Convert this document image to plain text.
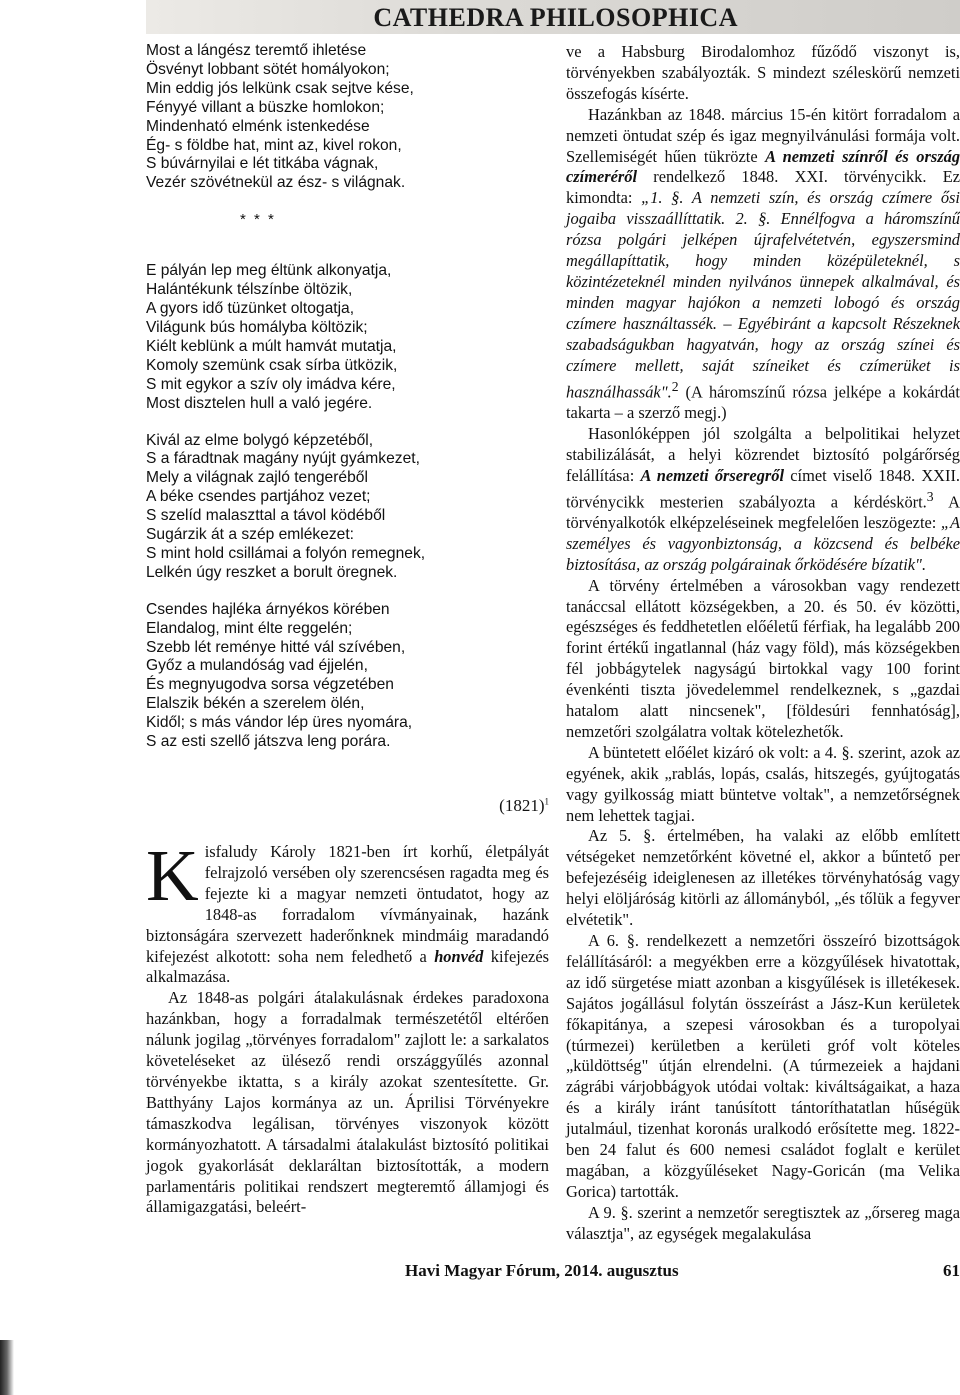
CATHEDRA PHILOSOPHICA
Most a lángész teremtő ihletése
Ösvényt lobbant sötét homályokon;
Min eddig jós lelkünk csak sejtve kése,
Fényyé villant a büszke homlokon;
Mindenható elménk istenkedése
Ég- s földbe hat, mint az, kivel rokon,
S búvárnyilai e lét titkába vágnak,
Vezér szövétnekül az ész- s világnak.
* * *
E pályán lep meg éltünk alkonyatja,
Halántékunk télszínbe öltözik,
A gyors idő tüzünket oltogatja,
Világunk bús homályba költözik;
Kiélt keblünk a múlt hamvát mutatja,
Komoly szemünk csak sírba ütközik,
S mit egykor a szív oly imádva kére,
Most disztelen hull a való jegére.
Kivál az elme bolygó képzetéből,
S a fáradtnak magány nyújt gyámkezet,
Mely a világnak zajló tengeréből
A béke csendes partjához vezet;
S szelíd malaszttal a távol ködéből
Sugárzik át a szép emlékezet:
S mint hold csillámai a folyón remegnek,
Lelkén úgy reszket a borult öregnek.
Csendes hajléka árnyékos körében
Elandalog, mint élte reggelén;
Szebb lét reménye hitté vál szívében,
Győz a mulandóság vad éjjelén,
És megnyugodva sorsa végzetében
Elalszik békén a szerelem ölén,
Kidől; s más vándor lép üres nyomára,
S az esti szellő játszva leng porára.
$(1821)^1$

Kisfaludy Károly 1821-ben írt korhű, életpályát felrajzoló versében oly szerencsésen ragadta meg és fejezte ki a magyar nemzeti öntudatot, hogy az 1848-as forradalom vívmányainak, hazánk biztonságára szervezett haderőnknek mindmáig maradandó kifejezést alkotott: soha nem feledhető a honvéd kifejezés alkalmazása.

Az 1848-as polgári átalakulásnak érdekes paradoxona hazánkban, hogy a forradalmak természetétől eltérően nálunk jogilag „törvényes forradalom" zajlott le: a sarkalatos követeléseket az ülésező rendi országgyűlés azonnal törvényekbe iktatta, s a király azokat szentesítette. Gr. Batthyány Lajos kormánya az un. Áprilisi Törvényekre támaszkodva legálisan, törvényes viszonyok között kormányozhatott. A társadalmi átalakulást biztosító politikai jogok gyakorlását deklaráltan biztosították, a modern parlamentáris politikai rendszert megteremtő államjogi és államigazgatási, beleért-

ve a Habsburg Birodalomhoz fűződő viszonyt is, törvényekben szabályozták. S mindezt széleskörű nemzeti összefogás kísérte.

Hazánkban az 1848. március 15-én kitört forradalom a nemzeti öntudat szép és igaz megnyilvánulási formája volt. Szellemiségét hűen tükrözte A nemzeti színről és ország czímeréről rendelkező 1848. XXI. törvénycikk. Ez kimondta: „1. §. A nemzeti szín, és ország czímere ősi jogaiba visszaállíttatik. 2. §. Ennélfogva a háromszínű rózsa polgári jelképen újrafelvétetvén, egyszersmind megállapíttatik, hogy minden középületeknél, s közintézeteknél minden nyilvános ünnepek alkalmával, és minden magyar hajókon a nemzeti lobogó és ország czímere használtassék. – Egyébiránt a kapcsolt Részeknek szabadságukban hagyatván, hogy az ország színei és czímere mellett, saját színeiket és czímerüket is használhassák".$^2$ (A háromszínű rózsa jelképe a kokárdát takarta – a szerző megj.)

Hasonlóképpen jól szolgálta a belpolitikai helyzet stabilizálását, a helyi közrendet biztosító polgárőrség felállítása: A nemzeti őrseregről címet viselő 1848. XXII. törvénycikk mesterien szabályozta a kérdéskört.$^3$ A törvényalkotók elképzeléseinek megfelelően leszögezte: „A személyes és vagyonbiztonság, a közcsend és belbéke biztosítása, az ország polgárainak őrködésére bízatik".

A törvény értelmében a városokban vagy rendezett tanáccsal ellátott községekben, a 20. és 50. év közötti, egészséges és feddhetetlen előéletű férfiak, ha legalább 200 forint értékű ingatlannal (ház vagy föld), más községekben fél jobbágytelek nagyságú birtokkal vagy 100 forint évenkénti tiszta jövedelemmel rendelkeznek, s „gazdai hatalom alatt nincsenek", [földesúri fennhatóság], nemzetőri szolgálatra voltak kötelezhetők.

A büntetett előélet kizáró ok volt: a 4. §. szerint, azok az egyének, akik „rablás, lopás, csalás, hitszegés, gyújtogatás vagy gyilkosság miatt büntetve voltak", a nemzetőrségnek nem lehettek tagjai.

Az 5. §. értelmében, ha valaki az előbb említett vétségeket nemzetőrként követné el, akkor a bűntető per befejezéséig ideiglenesen az illetékes törvényhatóság vagy helyi elöljáróság kitörli az állományból, „és tőlük a fegyver elvétetik".

A 6. §. rendelkezett a nemzetőri összeíró bizottságok felállításáról: a megyékben erre a közgyűlések hivatottak, az idő sürgetése miatt azonban a kisgyűlések is illetékesek. Sajátos jogállásul folytán összeírást a Jász-Kun kerületek főkapitánya, a szepesi városokban és a turopolyai (túrmezei) kerületben a kerületi gróf volt köteles „küldöttség" útján elrendelni. (A túrmezeiek a hajdani zágrábi várjobbágyok utódai voltak: kiváltságaikat, a haza és a király iránt tanúsított tántoríthatatlan hűségük jutalmául, tizenhat koronás uralkodó erősítette meg. 1822-ben 24 falut és 600 nemesi családot foglalt e kerület magában, a közgyűléseket Nagy-Goricán (ma Velika Gorica) tartották.

A 9. §. szerint a nemzetőr seregtisztek az „őrsereg maga választja", az egységek megalakulása

Havi Magyar Fórum, 2014. augusztus	61
